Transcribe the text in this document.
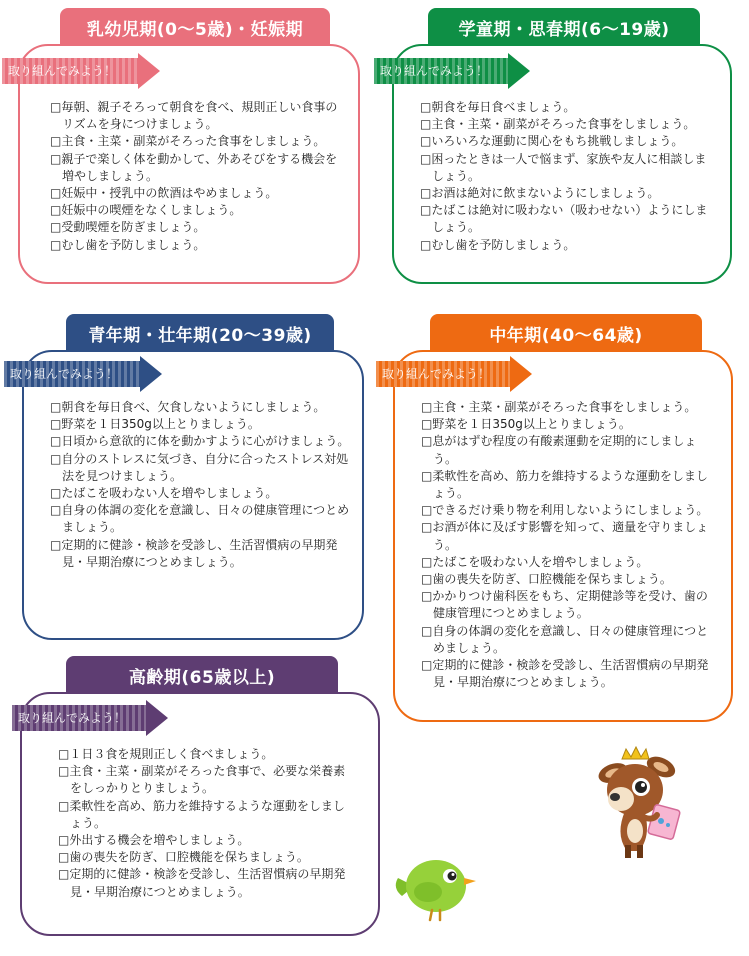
乳幼児期(0〜5歳)・妊娠期
取り組んでみよう！
□毎朝、親子そろって朝食を食べ、規則正しい食事のリズムを身につけましょう。
□主食・主菜・副菜がそろった食事をしましょう。
□親子で楽しく体を動かして、外あそびをする機会を増やしましょう。
□妊娠中・授乳中の飲酒はやめましょう。
□妊娠中の喫煙をなくしましょう。
□受動喫煙を防ぎましょう。
□むし歯を予防しましょう。
学童期・思春期(6〜19歳)
取り組んでみよう！
□朝食を毎日食べましょう。
□主食・主菜・副菜がそろった食事をしましょう。
□いろいろな運動に関心をもち挑戦しましょう。
□困ったときは一人で悩まず、家族や友人に相談しましょう。
□お酒は絶対に飲まないようにしましょう。
□たばこは絶対に吸わない（吸わせない）ようにしましょう。
□むし歯を予防しましょう。
青年期・壮年期(20〜39歳)
取り組んでみよう！
□朝食を毎日食べ、欠食しないようにしましょう。
□野菜を１日350g以上とりましょう。
□日頃から意欲的に体を動かすように心がけましょう。
□自分のストレスに気づき、自分に合ったストレス対処法を見つけましょう。
□たばこを吸わない人を増やしましょう。
□自身の体調の変化を意識し、日々の健康管理につとめましょう。
□定期的に健診・検診を受診し、生活習慣病の早期発見・早期治療につとめましょう。
中年期(40〜64歳)
取り組んでみよう！
□主食・主菜・副菜がそろった食事をしましょう。
□野菜を１日350g以上とりましょう。
□息がはずむ程度の有酸素運動を定期的にしましょう。
□柔軟性を高め、筋力を維持するような運動をしましょう。
□できるだけ乗り物を利用しないようにしましょう。
□お酒が体に及ぼす影響を知って、適量を守りましょう。
□たばこを吸わない人を増やしましょう。
□歯の喪失を防ぎ、口腔機能を保ちましょう。
□かかりつけ歯科医をもち、定期健診等を受け、歯の健康管理につとめましょう。
□自身の体調の変化を意識し、日々の健康管理につとめましょう。
□定期的に健診・検診を受診し、生活習慣病の早期発見・早期治療につとめましょう。
高齢期(65歳以上)
取り組んでみよう！
□１日３食を規則正しく食べましょう。
□主食・主菜・副菜がそろった食事で、必要な栄養素をしっかりとりましょう。
□柔軟性を高め、筋力を維持するような運動をしましょう。
□外出する機会を増やしましょう。
□歯の喪失を防ぎ、口腔機能を保ちましょう。
□定期的に健診・検診を受診し、生活習慣病の早期発見・早期治療につとめましょう。
